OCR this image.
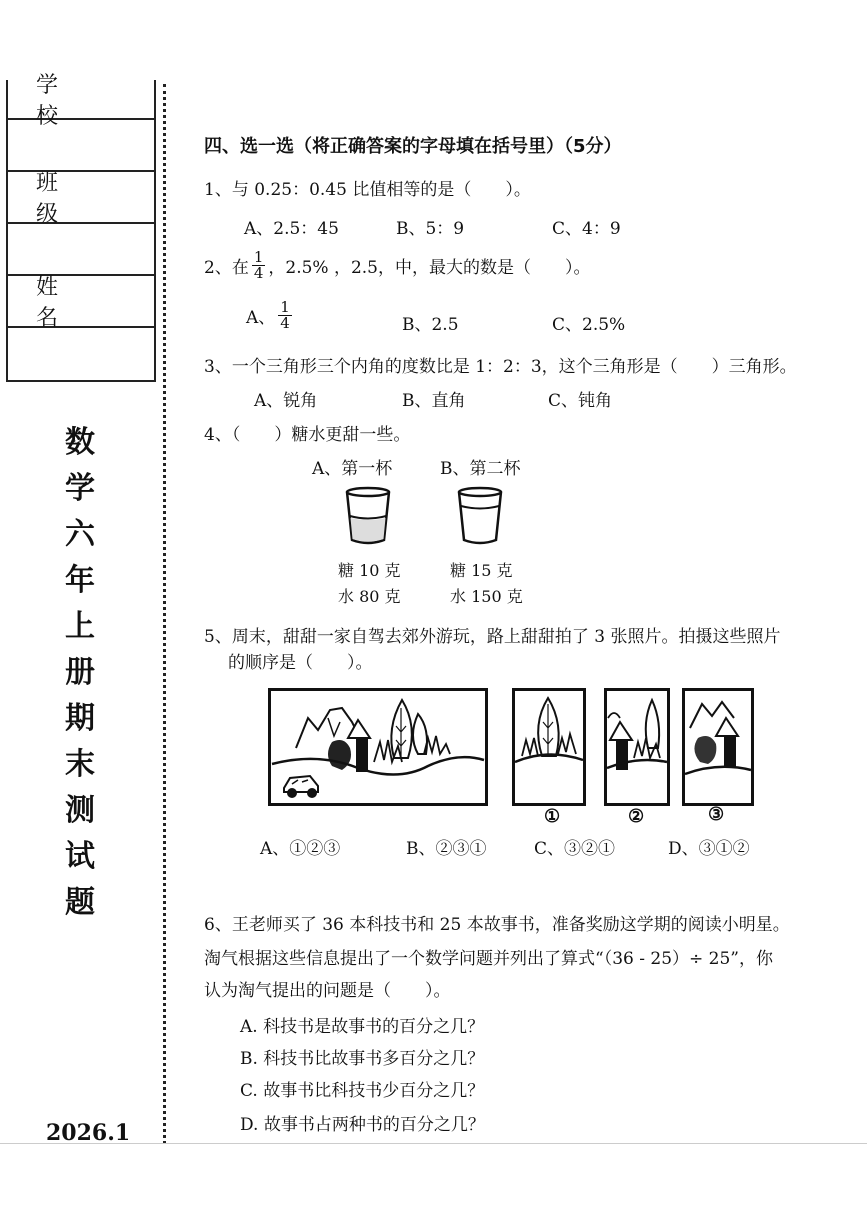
学 校
班 级
姓 名
数
学
六
年
上
册
期
末
测
试
题
2026.1
四、选一选（将正确答案的字母填在括号里）（5分）
1、与 0.25：0.45 比值相等的是（　　）。
A、2.5：45	B、5：9	C、4：9
2、在 $\frac{1}{4}$ ，2.5% ，2.5，中，最大的数是（　　）。
A、 $\frac{1}{4}$	B、2.5	C、2.5%
3、一个三角形三个内角的度数比是 1：2：3，这个三角形是（　　）三角形。
A、锐角	B、直角	C、钝角
4、（　　）糖水更甜一些。
A、第一杯	B、第二杯
糖 10 克
水 80 克
糖 15 克
水 150 克
5、周末，甜甜一家自驾去郊外游玩，路上甜甜拍了 3 张照片。拍摄这些照片
的顺序是（　　）。
①	②	③
A、①②③	B、②③①	C、③②①	D、③①②
6、王老师买了 36 本科技书和 25 本故事书，准备奖励这学期的阅读小明星。
淘气根据这些信息提出了一个数学问题并列出了算式“（36 - 25）÷ 25”，你
认为淘气提出的问题是（　　）。
A. 科技书是故事书的百分之几？
B. 科技书比故事书多百分之几？
C. 故事书比科技书少百分之几？
D. 故事书占两种书的百分之几？
